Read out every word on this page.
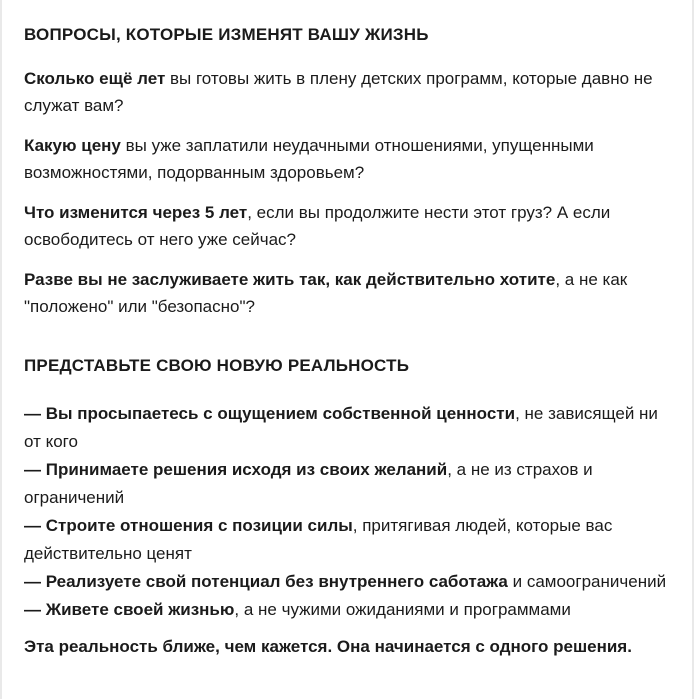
ВОПРОСЫ, КОТОРЫЕ ИЗМЕНЯТ ВАШУ ЖИЗНЬ

Сколько ещё лет вы готовы жить в плену детских программ, которые давно не служат вам?

Какую цену вы уже заплатили неудачными отношениями, упущенными возможностями, подорванным здоровьем?

Что изменится через 5 лет, если вы продолжите нести этот груз? А если освободитесь от него уже сейчас?

Разве вы не заслуживаете жить так, как действительно хотите, а не как "положено" или "безопасно"?

ПРЕДСТАВЬТЕ СВОЮ НОВУЮ РЕАЛЬНОСТЬ

— Вы просыпаетесь с ощущением собственной ценности, не зависящей ни от кого

— Принимаете решения исходя из своих желаний, а не из страхов и ограничений

— Строите отношения с позиции силы, притягивая людей, которые вас действительно ценят

— Реализуете свой потенциал без внутреннего саботажа и самоограничений

— Живете своей жизнью, а не чужими ожиданиями и программами

Эта реальность ближе, чем кажется. Она начинается с одного решения.
